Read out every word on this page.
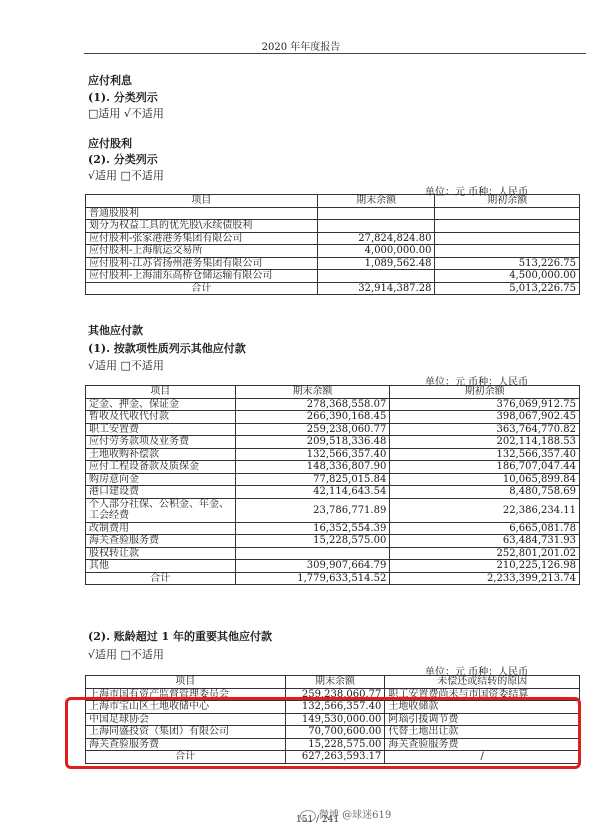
2020 年年度报告
应付利息
(1). 分类列示
□适用 √不适用
应付股利
(2). 分类列示
√适用 □不适用
单位：元 币种：人民币
项目	期末余额	期初余额
普通股股利		
划分为权益工具的优先股\永续债股利		
应付股利-张家港港务集团有限公司	27,824,824.80	
应付股利-上海航运交易所	4,000,000.00	
应付股利-江苏省扬州港务集团有限公司	1,089,562.48	513,226.75
应付股利-上海浦东高桥仓储运输有限公司		4,500,000.00
合计	32,914,387.28	5,013,226.75
其他应付款
(1). 按款项性质列示其他应付款
√适用 □不适用
单位：元 币种：人民币
项目	期末余额	期初余额
定金、押金、保证金	278,368,558.07	376,069,912.75
暂收及代收代付款	266,390,168.45	398,067,902.45
职工安置费	259,238,060.77	363,764,770.82
应付劳务款项及业务费	209,518,336.48	202,114,188.53
土地收购补偿款	132,566,357.40	132,566,357.40
应付工程设备款及质保金	148,336,807.90	186,707,047.44
购房意向金	77,825,015.84	10,065,899.84
港口建设费	42,114,643.54	8,480,758.69
个人部分社保、公积金、年金、工会经费	23,786,771.89	22,386,234.11
改制费用	16,352,554.39	6,665,081.78
海关查验服务费	15,228,575.00	63,484,731.93
股权转让款		252,801,201.02
其他	309,907,664.79	210,225,126.98
合计	1,779,633,514.52	2,233,399,213.74
(2). 账龄超过 1 年的重要其他应付款
√适用 □不适用
单位：元 币种：人民币
项目	期末余额	未偿还或结转的原因
上海市国有资产监督管理委员会	259,238,060.77	职工安置费尚未与市国资委结算
上海市宝山区土地收储中心	132,566,357.40	土地收储款
中国足球协会	149,530,000.00	阿瑙引援调节费
上海同盛投资（集团）有限公司	70,700,600.00	代替土地出让款
海关查验服务费	15,228,575.00	海关查验服务费
合计	627,263,593.17	/
微博 @球迷619
151 / 241
